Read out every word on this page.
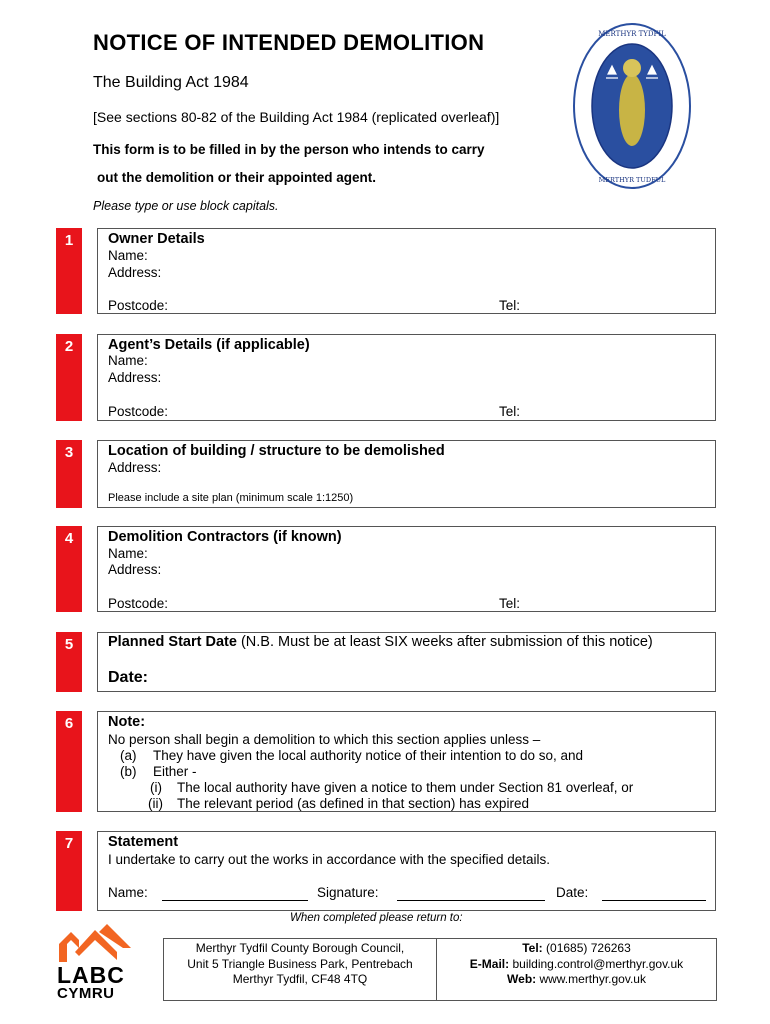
NOTICE OF INTENDED DEMOLITION
The Building Act 1984
[See sections 80-82 of the Building Act 1984 (replicated overleaf)]
This form is to be filled in by the person who intends to carry
out the demolition or their appointed agent.
Please type or use block capitals.
MERTHYR TYDFIL
MERTHYR TUDFUL
1	Owner Details
Name:
Address:
Postcode:	Tel:
2	Agent’s Details (if applicable)
Name:
Address:
Postcode:	Tel:
3	Location of building / structure to be demolished
Address:
Please include a site plan (minimum scale 1:1250)
4	Demolition Contractors (if known)
Name:
Address:
Postcode:	Tel:
5	Planned Start Date (N.B. Must be at least SIX weeks after submission of this notice)
Date:
6	Note:
No person shall begin a demolition to which this section applies unless –
(a) They have given the local authority notice of their intention to do so, and
(b) Either -
(i) The local authority have given a notice to them under Section 81 overleaf, or
(ii) The relevant period (as defined in that section) has expired
7	Statement
I undertake to carry out the works in accordance with the specified details.
Name:	Signature:	Date:
When completed please return to:
LABC
CYMRU
Merthyr Tydfil County Borough Council,
Unit 5 Triangle Business Park, Pentrebach
Merthyr Tydfil, CF48 4TQ
Tel: (01685) 726263
E-Mail: building.control@merthyr.gov.uk
Web: www.merthyr.gov.uk
